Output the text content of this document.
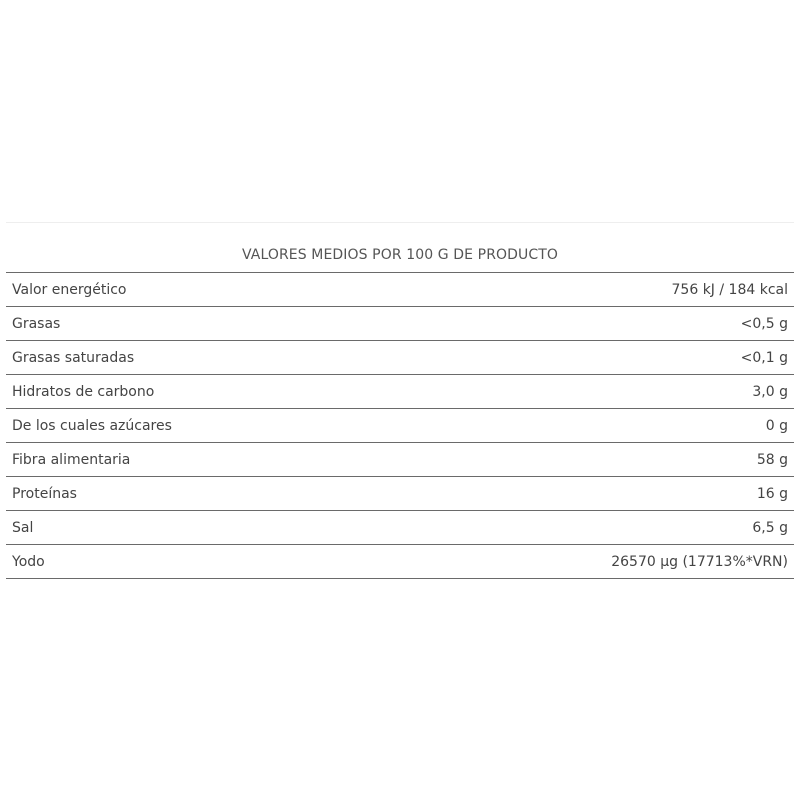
VALORES MEDIOS POR 100 G DE PRODUCTO
Valor energético	756 kJ / 184 kcal
Grasas	<0,5 g
Grasas saturadas	<0,1 g
Hidratos de carbono	3,0 g
De los cuales azúcares	0 g
Fibra alimentaria	58 g
Proteínas	16 g
Sal	6,5 g
Yodo	26570 µg (17713%*VRN)
